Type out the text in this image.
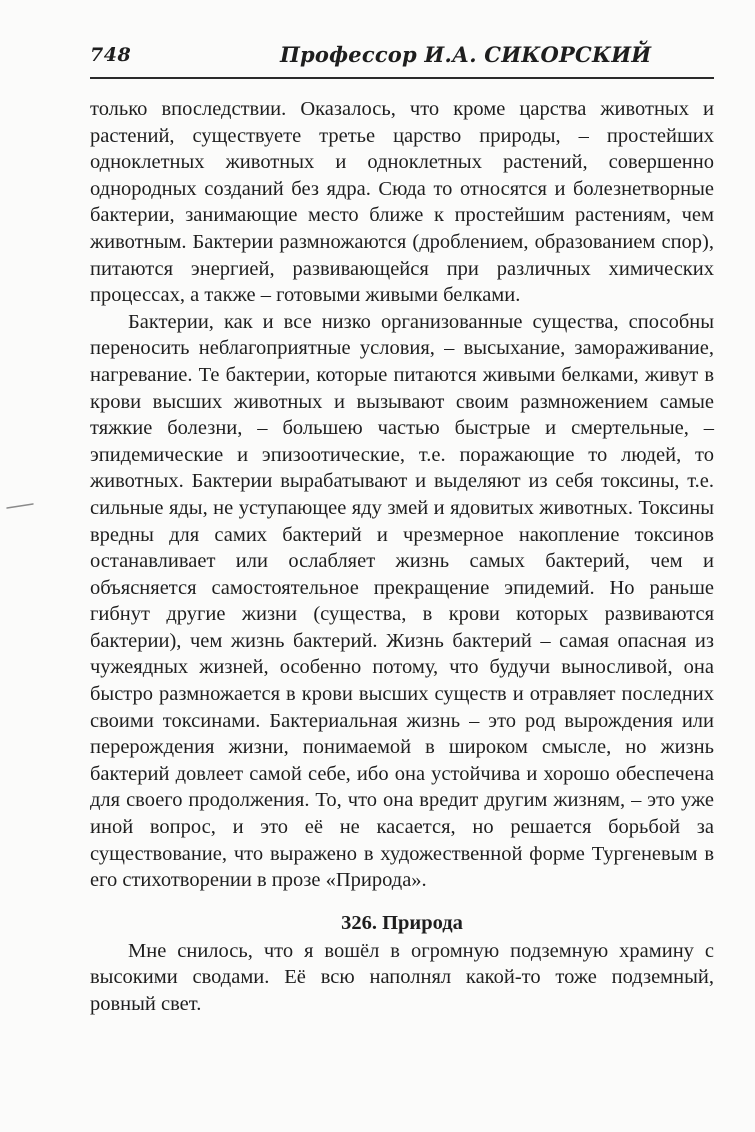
748	Профессор И.А. СИКОРСКИЙ

только впоследствии. Оказалось, что кроме царства животных и растений, существуете третье царство природы, – простейших одноклетных животных и одноклетных растений, совершенно однородных созданий без ядра. Сюда то относятся и болезнетворные бактерии, занимающие место ближе к простейшим растениям, чем животным. Бактерии размножаются (дроблением, образованием спор), питаются энергией, развивающейся при различных химических процессах, а также – готовыми живыми белками.

Бактерии, как и все низко организованные существа, способны переносить неблагоприятные условия, – высыхание, замораживание, нагревание. Те бактерии, которые питаются живыми белками, живут в крови высших животных и вызывают своим размножением самые тяжкие болезни, – большею частью быстрые и смертельные, – эпидемические и эпизоотические, т.е. поражающие то людей, то животных. Бактерии вырабатывают и выделяют из себя токсины, т.е. сильные яды, не уступающее яду змей и ядовитых животных. Токсины вредны для самих бактерий и чрезмерное накопление токсинов останавливает или ослабляет жизнь самых бактерий, чем и объясняется самостоятельное прекращение эпидемий. Но раньше гибнут другие жизни (существа, в крови которых развиваются бактерии), чем жизнь бактерий. Жизнь бактерий – самая опасная из чужеядных жизней, особенно потому, что будучи выносливой, она быстро размножается в крови высших существ и отравляет последних своими токсинами. Бактериальная жизнь – это род вырождения или перерождения жизни, понимаемой в широком смысле, но жизнь бактерий довлеет самой себе, ибо она устойчива и хорошо обеспечена для своего продолжения. То, что она вредит другим жизням, – это уже иной вопрос, и это её не касается, но решается борьбой за существование, что выражено в художественной форме Тургеневым в его стихотворении в прозе «Природа».

326. Природа

Мне снилось, что я вошёл в огромную подземную храмину с высокими сводами. Её всю наполнял какой-то тоже подземный, ровный свет.
